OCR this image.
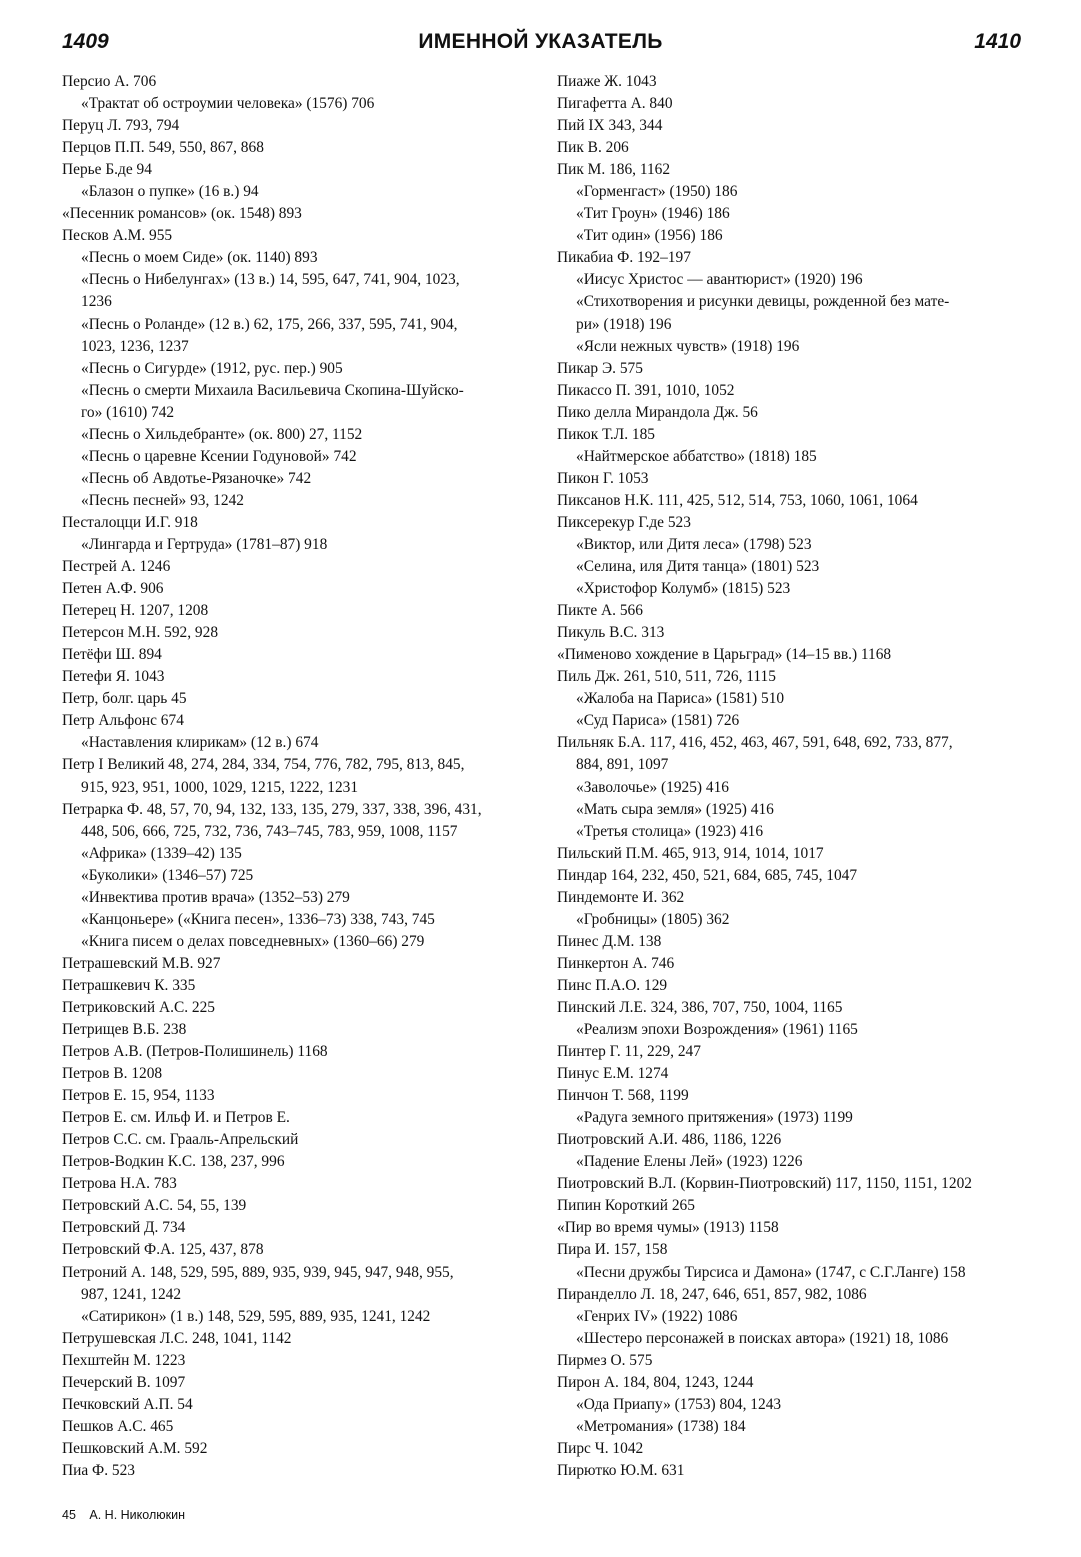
1409	ИМЕННОЙ УКАЗАТЕЛЬ	1410
Персио А. 706
«Трактат об остроумии человека» (1576) 706
Перуц Л. 793, 794
Перцов П.П. 549, 550, 867, 868
Перье Б.де 94
«Блазон о пупке» (16 в.) 94
«Песенник романсов» (ок. 1548) 893
Песков А.М. 955
«Песнь о моем Сиде» (ок. 1140) 893
«Песнь о Нибелунгах» (13 в.) 14, 595, 647, 741, 904, 1023,
1236
«Песнь о Роланде» (12 в.) 62, 175, 266, 337, 595, 741, 904,
1023, 1236, 1237
«Песнь о Сигурде» (1912, рус. пер.) 905
«Песнь о смерти Михаила Васильевича Скопина-Шуйско-
го» (1610) 742
«Песнь о Хильдебранте» (ок. 800) 27, 1152
«Песнь о царевне Ксении Годуновой» 742
«Песнь об Авдотье-Рязаночке» 742
«Песнь песней» 93, 1242
Песталоцци И.Г. 918
«Лингарда и Гертруда» (1781–87) 918
Пестрей А. 1246
Петен А.Ф. 906
Петерец Н. 1207, 1208
Петерсон М.Н. 592, 928
Петёфи Ш. 894
Петефи Я. 1043
Петр, болг. царь 45
Петр Альфонс 674
«Наставления клирикам» (12 в.) 674
Петр I Великий 48, 274, 284, 334, 754, 776, 782, 795, 813, 845,
915, 923, 951, 1000, 1029, 1215, 1222, 1231
Петрарка Ф. 48, 57, 70, 94, 132, 133, 135, 279, 337, 338, 396, 431,
448, 506, 666, 725, 732, 736, 743–745, 783, 959, 1008, 1157
«Африка» (1339–42) 135
«Буколики» (1346–57) 725
«Инвектива против врача» (1352–53) 279
«Канцоньере» («Книга песен», 1336–73) 338, 743, 745
«Книга писем о делах повседневных» (1360–66) 279
Петрашевский М.В. 927
Петрашкевич К. 335
Петриковский А.С. 225
Петрищев В.Б. 238
Петров А.В. (Петров-Полишинель) 1168
Петров В. 1208
Петров Е. 15, 954, 1133
Петров Е. см. Ильф И. и Петров Е.
Петров С.С. см. Грааль-Апрельский
Петров-Водкин К.С. 138, 237, 996
Петрова Н.А. 783
Петровский А.С. 54, 55, 139
Петровский Д. 734
Петровский Ф.А. 125, 437, 878
Петроний А. 148, 529, 595, 889, 935, 939, 945, 947, 948, 955,
987, 1241, 1242
«Сатирикон» (1 в.) 148, 529, 595, 889, 935, 1241, 1242
Петрушевская Л.С. 248, 1041, 1142
Пехштейн М. 1223
Печерский В. 1097
Печковский А.П. 54
Пешков А.С. 465
Пешковский А.М. 592
Пиа Ф. 523
Пиаже Ж. 1043
Пигафетта А. 840
Пий IX 343, 344
Пик В. 206
Пик М. 186, 1162
«Горменгаст» (1950) 186
«Тит Гроун» (1946) 186
«Тит один» (1956) 186
Пикабиа Ф. 192–197
«Иисус Христос — авантюрист» (1920) 196
«Стихотворения и рисунки девицы, рожденной без мате-
ри» (1918) 196
«Ясли нежных чувств» (1918) 196
Пикар Э. 575
Пикассо П. 391, 1010, 1052
Пико делла Мирандола Дж. 56
Пикок Т.Л. 185
«Найтмерское аббатство» (1818) 185
Пикон Г. 1053
Пиксанов Н.К. 111, 425, 512, 514, 753, 1060, 1061, 1064
Пиксерекур Г.де 523
«Виктор, или Дитя леса» (1798) 523
«Селина, иля Дитя танца» (1801) 523
«Христофор Колумб» (1815) 523
Пикте А. 566
Пикуль В.С. 313
«Пименово хождение в Царьград» (14–15 вв.) 1168
Пиль Дж. 261, 510, 511, 726, 1115
«Жалоба на Париса» (1581) 510
«Суд Париса» (1581) 726
Пильняк Б.А. 117, 416, 452, 463, 467, 591, 648, 692, 733, 877,
884, 891, 1097
«Заволочье» (1925) 416
«Мать сыра земля» (1925) 416
«Третья столица» (1923) 416
Пильский П.М. 465, 913, 914, 1014, 1017
Пиндар 164, 232, 450, 521, 684, 685, 745, 1047
Пиндемонте И. 362
«Гробницы» (1805) 362
Пинес Д.М. 138
Пинкертон А. 746
Пинс П.А.О. 129
Пинский Л.Е. 324, 386, 707, 750, 1004, 1165
«Реализм эпохи Возрождения» (1961) 1165
Пинтер Г. 11, 229, 247
Пинус Е.М. 1274
Пинчон Т. 568, 1199
«Радуга земного притяжения» (1973) 1199
Пиотровский А.И. 486, 1186, 1226
«Падение Елены Лей» (1923) 1226
Пиотровский В.Л. (Корвин-Пиотровский) 117, 1150, 1151, 1202
Пипин Короткий 265
«Пир во время чумы» (1913) 1158
Пира И. 157, 158
«Песни дружбы Тирсиса и Дамона» (1747, с С.Г.Ланге) 158
Пиранделло Л. 18, 247, 646, 651, 857, 982, 1086
«Генрих IV» (1922) 1086
«Шестеро персонажей в поисках автора» (1921) 18, 1086
Пирмез О. 575
Пирон А. 184, 804, 1243, 1244
«Ода Приапу» (1753) 804, 1243
«Метромания» (1738) 184
Пирс Ч. 1042
Пирютко Ю.М. 631
45 А. Н. Николюкин
